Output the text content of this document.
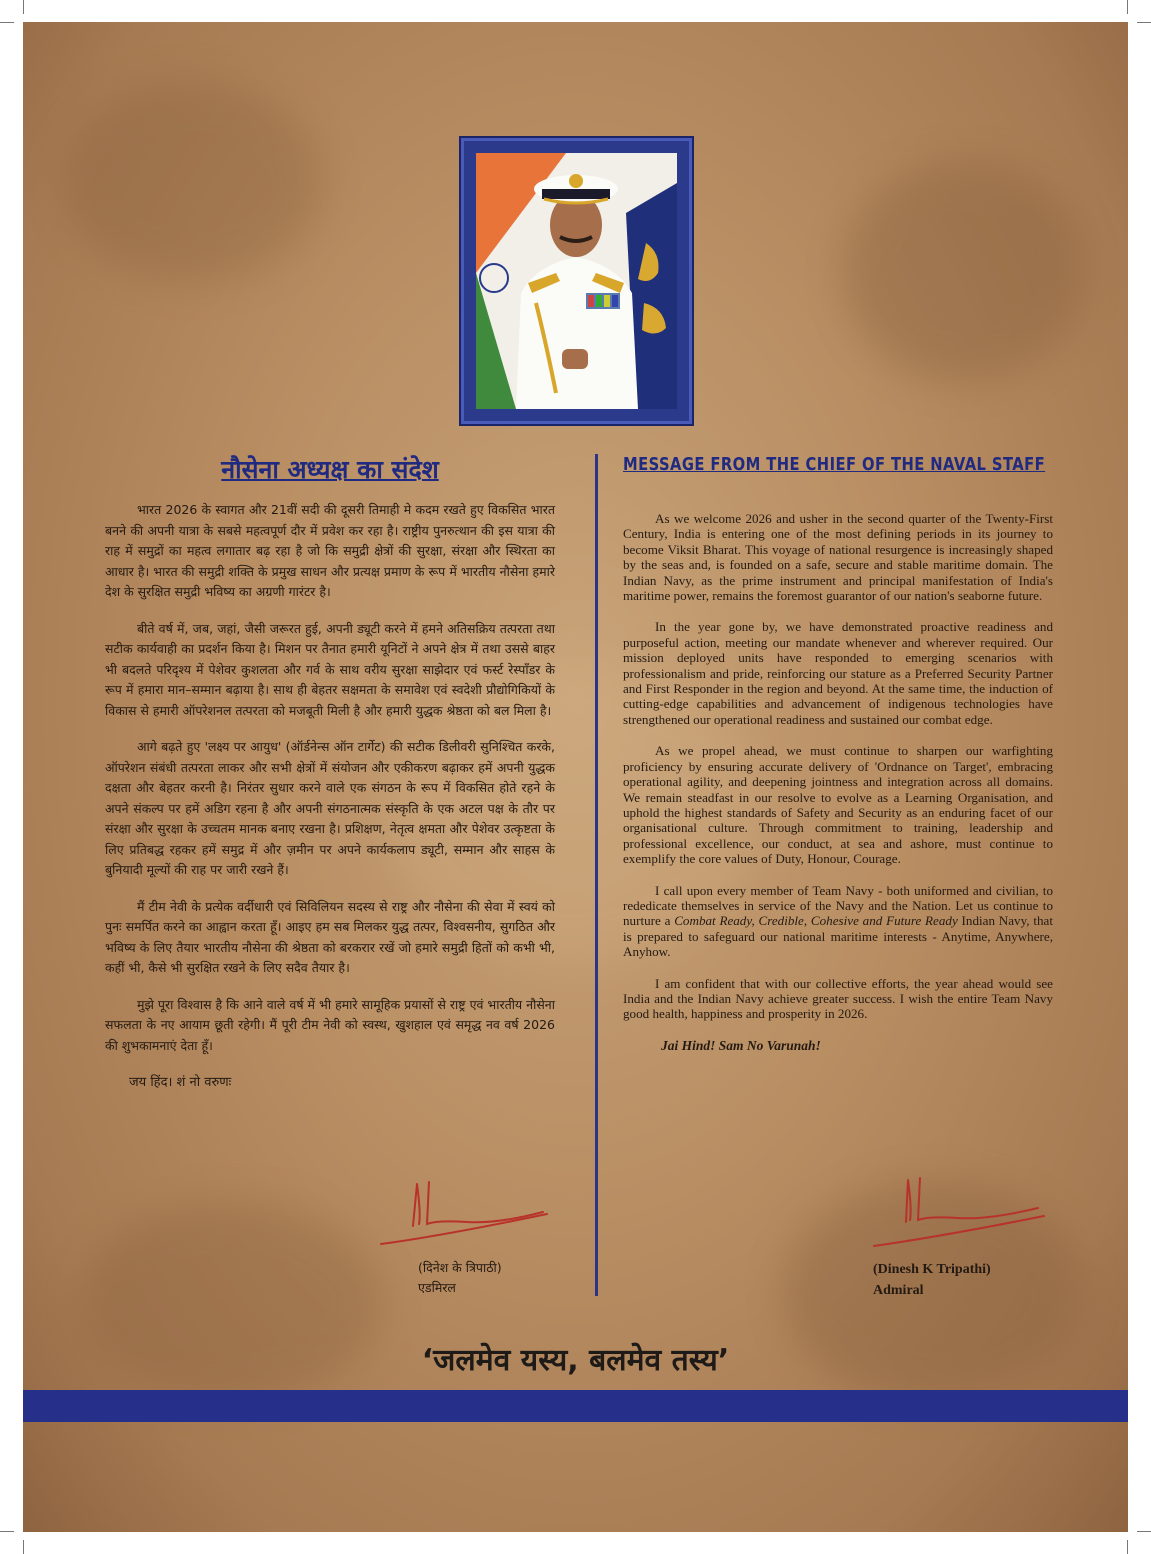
नौसेना अध्यक्ष का संदेश

भारत 2026 के स्वागत और 21वीं सदी की दूसरी तिमाही मे कदम रखते हुए विकसित भारत बनने की अपनी यात्रा के सबसे महत्वपूर्ण दौर में प्रवेश कर रहा है। राष्ट्रीय पुनरुत्थान की इस यात्रा की राह में समुद्रों का महत्व लगातार बढ़ रहा है जो कि समुद्री क्षेत्रों की सुरक्षा, संरक्षा और स्थिरता का आधार है। भारत की समुद्री शक्ति के प्रमुख साधन और प्रत्यक्ष प्रमाण के रूप में भारतीय नौसेना हमारे देश के सुरक्षित समुद्री भविष्य का अग्रणी गारंटर है।

बीते वर्ष में, जब, जहां, जैसी जरूरत हुई, अपनी ड्यूटी करने में हमने अतिसक्रिय तत्परता तथा सटीक कार्यवाही का प्रदर्शन किया है। मिशन पर तैनात हमारी यूनिटों ने अपने क्षेत्र में तथा उससे बाहर भी बदलते परिदृश्य में पेशेवर कुशलता और गर्व के साथ वरीय सुरक्षा साझेदार एवं फर्स्ट रेस्पॉंडर के रूप में हमारा मान–सम्मान बढ़ाया है। साथ ही बेहतर सक्षमता के समावेश एवं स्वदेशी प्रौद्योगिकियों के विकास से हमारी ऑपरेशनल तत्परता को मजबूती मिली है और हमारी युद्धक श्रेष्ठता को बल मिला है।

आगे बढ़ते हुए 'लक्ष्य पर आयुध' (ऑर्डनेन्स ऑन टार्गेट) की सटीक डिलीवरी सुनिश्चित करके, ऑपरेशन संबंधी तत्परता लाकर और सभी क्षेत्रों में संयोजन और एकीकरण बढ़ाकर हमें अपनी युद्धक दक्षता और बेहतर करनी है। निरंतर सुधार करने वाले एक संगठन के रूप में विकसित होते रहने के अपने संकल्प पर हमें अडिग रहना है और अपनी संगठनात्मक संस्कृति के एक अटल पक्ष के तौर पर संरक्षा और सुरक्षा के उच्चतम मानक बनाए रखना है। प्रशिक्षण, नेतृत्व क्षमता और पेशेवर उत्कृष्टता के लिए प्रतिबद्ध रहकर हमें समुद्र में और ज़मीन पर अपने कार्यकलाप ड्यूटी, सम्मान और साहस के बुनियादी मूल्यों की राह पर जारी रखने हैं।

मैं टीम नेवी के प्रत्येक वर्दीधारी एवं सिविलियन सदस्य से राष्ट्र और नौसेना की सेवा में स्वयं को पुनः समर्पित करने का आह्वान करता हूँ। आइए हम सब मिलकर युद्ध तत्पर, विश्वसनीय, सुगठित और भविष्य के लिए तैयार भारतीय नौसेना की श्रेष्ठता को बरकरार रखें जो हमारे समुद्री हितों को कभी भी, कहीं भी, कैसे भी सुरक्षित रखने के लिए सदैव तैयार है।

मुझे पूरा विश्वास है कि आने वाले वर्ष में भी हमारे सामूहिक प्रयासों से राष्ट्र एवं भारतीय नौसेना सफलता के नए आयाम छूती रहेगी। मैं पूरी टीम नेवी को स्वस्थ, खुशहाल एवं समृद्ध नव वर्ष 2026 की शुभकामनाएं देता हूँ।

जय हिंद। शं नो वरुणः
(दिनेश के त्रिपाठी)
एडमिरल
MESSAGE FROM THE CHIEF OF THE NAVAL STAFF

As we welcome 2026 and usher in the second quarter of the Twenty-First Century, India is entering one of the most defining periods in its journey to become Viksit Bharat. This voyage of national resurgence is increasingly shaped by the seas and, is founded on a safe, secure and stable maritime domain. The Indian Navy, as the prime instrument and principal manifestation of India's maritime power, remains the foremost guarantor of our nation's seaborne future.

In the year gone by, we have demonstrated proactive readiness and purposeful action, meeting our mandate whenever and wherever required. Our mission deployed units have responded to emerging scenarios with professionalism and pride, reinforcing our stature as a Preferred Security Partner and First Responder in the region and beyond. At the same time, the induction of cutting-edge capabilities and advancement of indigenous technologies have strengthened our operational readiness and sustained our combat edge.

As we propel ahead, we must continue to sharpen our warfighting proficiency by ensuring accurate delivery of 'Ordnance on Target', embracing operational agility, and deepening jointness and integration across all domains. We remain steadfast in our resolve to evolve as a Learning Organisation, and uphold the highest standards of Safety and Security as an enduring facet of our organisational culture. Through commitment to training, leadership and professional excellence, our conduct, at sea and ashore, must continue to exemplify the core values of Duty, Honour, Courage.

I call upon every member of Team Navy - both uniformed and civilian, to rededicate themselves in service of the Navy and the Nation. Let us continue to nurture a Combat Ready, Credible, Cohesive and Future Ready Indian Navy, that is prepared to safeguard our national maritime interests - Anytime, Anywhere, Anyhow.

I am confident that with our collective efforts, the year ahead would see India and the Indian Navy achieve greater success. I wish the entire Team Navy good health, happiness and prosperity in 2026.

Jai Hind! Sam No Varunah!
(Dinesh K Tripathi)
Admiral
‘जलमेव यस्य, बलमेव तस्य’
